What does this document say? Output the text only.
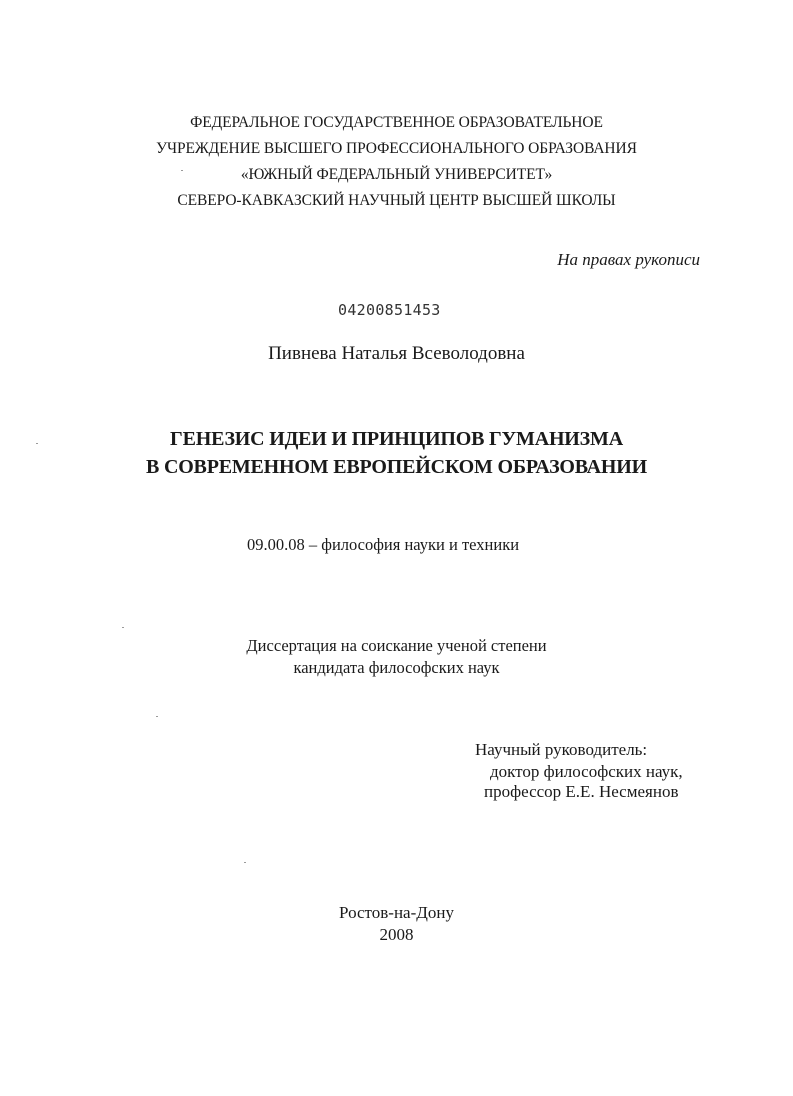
ФЕДЕРАЛЬНОЕ ГОСУДАРСТВЕННОЕ ОБРАЗОВАТЕЛЬНОЕ
УЧРЕЖДЕНИЕ ВЫСШЕГО ПРОФЕССИОНАЛЬНОГО ОБРАЗОВАНИЯ
«ЮЖНЫЙ ФЕДЕРАЛЬНЫЙ УНИВЕРСИТЕТ»
СЕВЕРО-КАВКАЗСКИЙ НАУЧНЫЙ ЦЕНТР ВЫСШЕЙ ШКОЛЫ
На правах рукописи
04200851453
Пивнева Наталья Всеволодовна
ГЕНЕЗИС ИДЕИ И ПРИНЦИПОВ ГУМАНИЗМА
В СОВРЕМЕННОМ ЕВРОПЕЙСКОМ ОБРАЗОВАНИИ
09.00.08 – философия науки и техники
Диссертация на соискание ученой степени
кандидата философских наук
Научный руководитель:
доктор философских наук,
профессор Е.Е. Несмеянов
Ростов-на-Дону
2008
